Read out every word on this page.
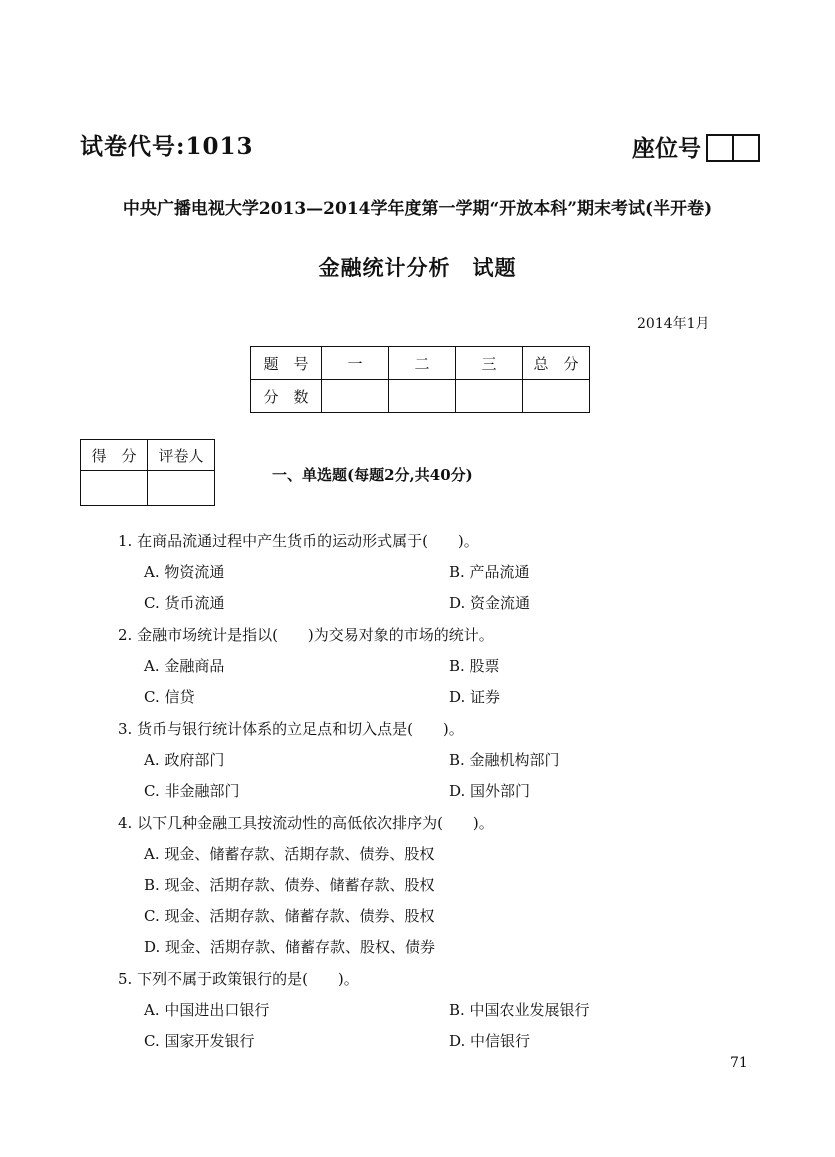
试卷代号:1013	座位号
中央广播电视大学2013—2014学年度第一学期“开放本科”期末考试(半开卷)
金融统计分析　试题
2014年1月
题　号	一	二	三	总　分
分　数				
得　分	评卷人

一、单选题(每题2分,共40分)
1. 在商品流通过程中产生货币的运动形式属于(　　)。
A. 物资流通	B. 产品流通
C. 货币流通	D. 资金流通
2. 金融市场统计是指以(　　)为交易对象的市场的统计。
A. 金融商品	B. 股票
C. 信贷	D. 证券
3. 货币与银行统计体系的立足点和切入点是(　　)。
A. 政府部门	B. 金融机构部门
C. 非金融部门	D. 国外部门
4. 以下几种金融工具按流动性的高低依次排序为(　　)。
A. 现金、储蓄存款、活期存款、债券、股权
B. 现金、活期存款、债券、储蓄存款、股权
C. 现金、活期存款、储蓄存款、债券、股权
D. 现金、活期存款、储蓄存款、股权、债券
5. 下列不属于政策银行的是(　　)。
A. 中国进出口银行	B. 中国农业发展银行
C. 国家开发银行	D. 中信银行
71
